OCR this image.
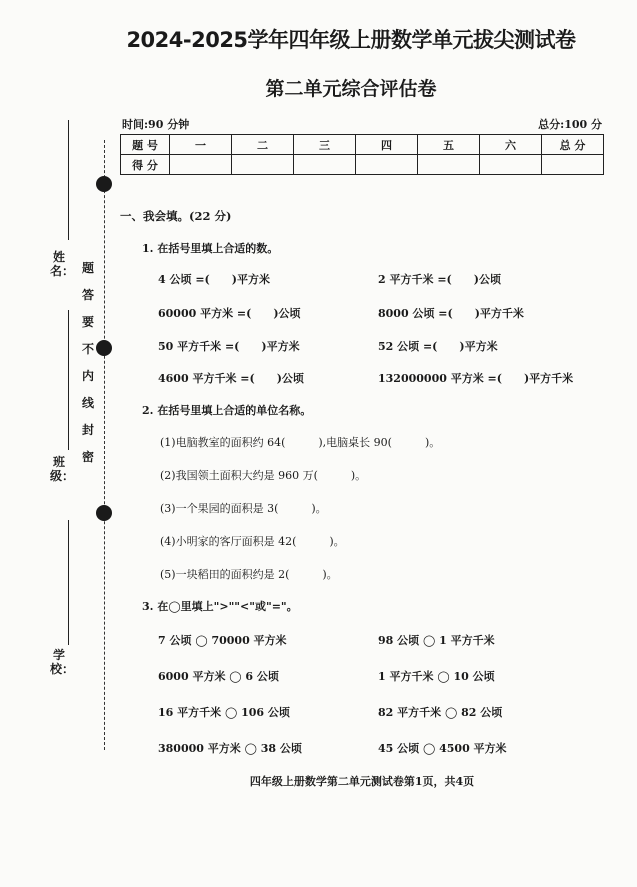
题
答
要
不
内
线
封
密
姓名：
班级：
学校：
2024-2025学年四年级上册数学单元拔尖测试卷
第二单元综合评估卷
时间:90 分钟	总分:100 分
题 号	一	二	三	四	五	六	总 分
得 分							
一、我会填。(22 分)
1. 在括号里填上合适的数。
4 公顷 =(　　)平方米	2 平方千米 =(　　)公顷
60000 平方米 =(　　)公顷	8000 公顷 =(　　)平方千米
50 平方千米 =(　　)平方米	52 公顷 =(　　)平方米
4600 平方千米 =(　　)公顷	132000000 平方米 =(　　)平方千米
2. 在括号里填上合适的单位名称。
(1)电脑教室的面积约 64(　　　),电脑桌长 90(　　　)。
(2)我国领土面积大约是 960 万(　　　)。
(3)一个果园的面积是 3(　　　)。
(4)小明家的客厅面积是 42(　　　)。
(5)一块稻田的面积约是 2(　　　)。
3. 在◯里填上">""<"或"="。
7 公顷 ◯ 70000 平方米	98 公顷 ◯ 1 平方千米
6000 平方米 ◯ 6 公顷	1 平方千米 ◯ 10 公顷
16 平方千米 ◯ 106 公顷	82 平方千米 ◯ 82 公顷
380000 平方米 ◯ 38 公顷	45 公顷 ◯ 4500 平方米
四年级上册数学第二单元测试卷第1页，共4页
